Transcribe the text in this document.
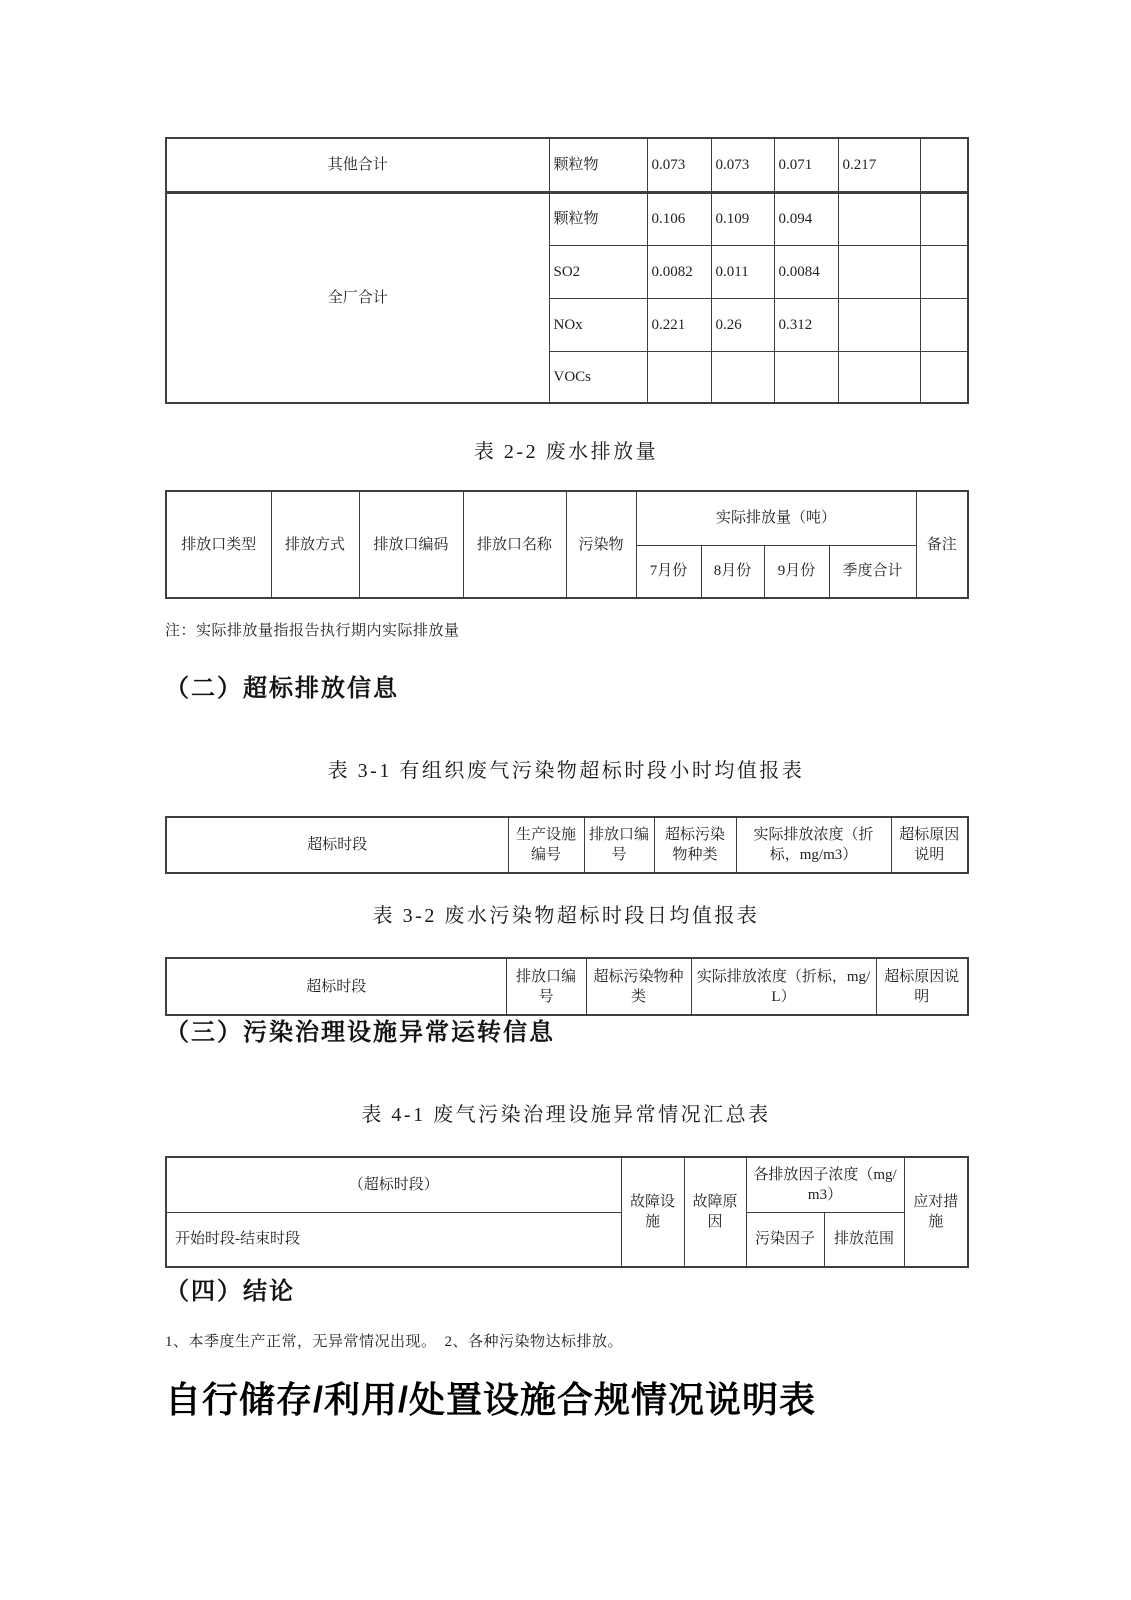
其他合计	颗粒物	0.073	0.073	0.071	0.217	
全厂合计	颗粒物	0.106	0.109	0.094		
	SO2	0.0082	0.011	0.0084		
	NOx	0.221	0.26	0.312		
	VOCs					
表 2-2 废水排放量
排放口类型	排放方式	排放口编码	排放口名称	污染物	实际排放量（吨）				备注
					7月份	8月份	9月份	季度合计	
注：实际排放量指报告执行期内实际排放量
（二）超标排放信息
表 3-1 有组织废气污染物超标时段小时均值报表
超标时段	生产设施编号	排放口编号	超标污染物种类	实际排放浓度（折标，mg/m3）	超标原因说明
表 3-2 废水污染物超标时段日均值报表
超标时段	排放口编号	超标污染物种类	实际排放浓度（折标，mg/L）	超标原因说明
（三）污染治理设施异常运转信息
表 4-1 废气污染治理设施异常情况汇总表
（超标时段）	故障设施	故障原因	各排放因子浓度（mg/m3）		应对措施
开始时段-结束时段			污染因子	排放范围	
（四）结论
1、本季度生产正常，无异常情况出现。　2、各种污染物达标排放。
自行储存/利用/处置设施合规情况说明表
